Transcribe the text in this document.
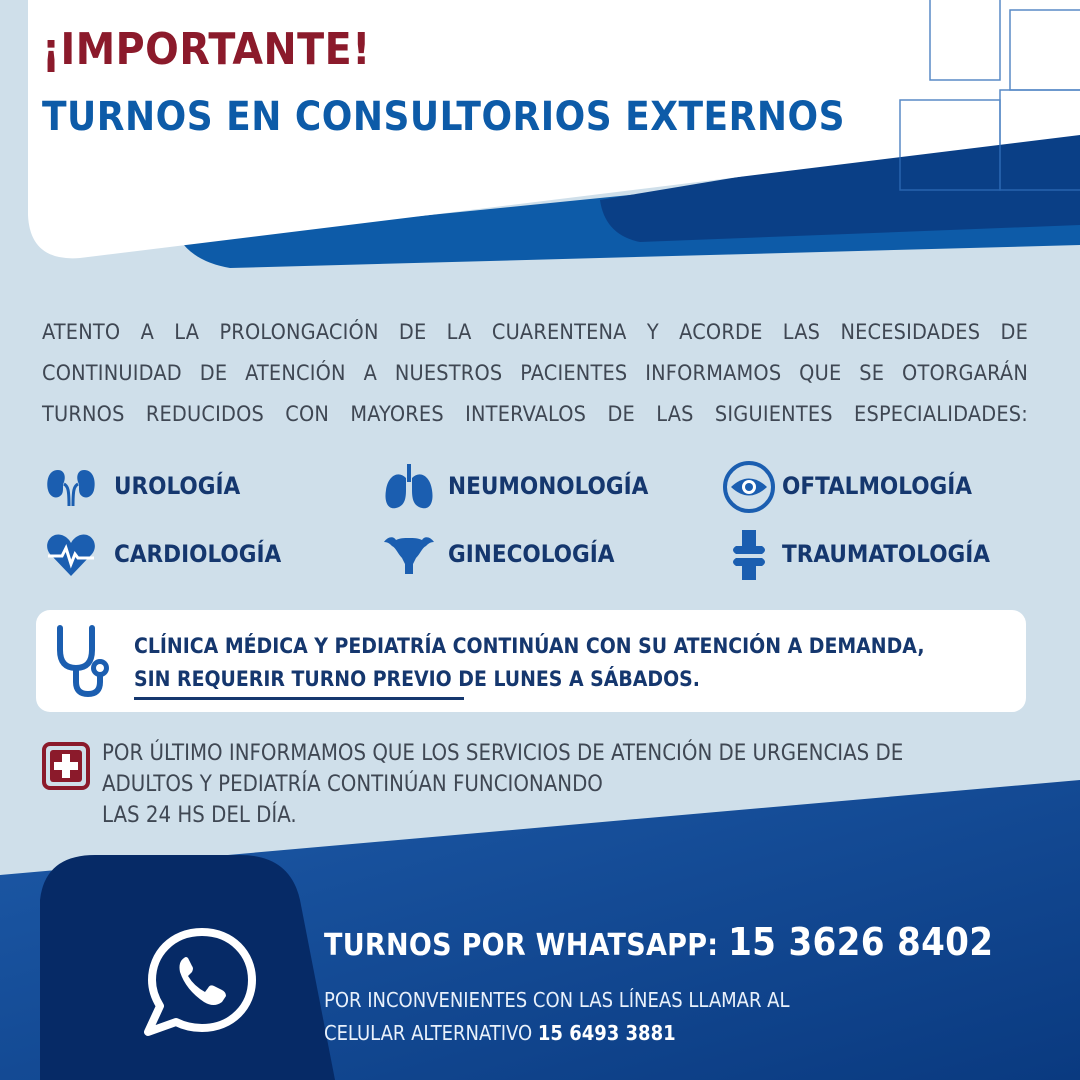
¡IMPORTANTE!
TURNOS EN CONSULTORIOS EXTERNOS
ATENTO A LA PROLONGACIÓN DE LA CUARENTENA Y ACORDE LAS NECESIDADES DE
CONTINUIDAD DE ATENCIÓN A NUESTROS PACIENTES INFORMAMOS QUE SE OTORGARÁN
TURNOS REDUCIDOS CON MAYORES INTERVALOS DE LAS SIGUIENTES ESPECIALIDADES:
UROLOGÍA	NEUMONOLOGÍA	OFTALMOLOGÍA
CARDIOLOGÍA	GINECOLOGÍA	TRAUMATOLOGÍA
CLÍNICA MÉDICA Y PEDIATRÍA CONTINÚAN CON SU ATENCIÓN A DEMANDA,
SIN REQUERIR TURNO PREVIO DE LUNES A SÁBADOS.
POR ÚLTIMO INFORMAMOS QUE LOS SERVICIOS DE ATENCIÓN DE URGENCIAS DE
ADULTOS Y PEDIATRÍA CONTINÚAN FUNCIONANDO
LAS 24 HS DEL DÍA.
TURNOS POR WHATSAPP: 15 3626 8402
POR INCONVENIENTES CON LAS LÍNEAS LLAMAR AL
CELULAR ALTERNATIVO 15 6493 3881
